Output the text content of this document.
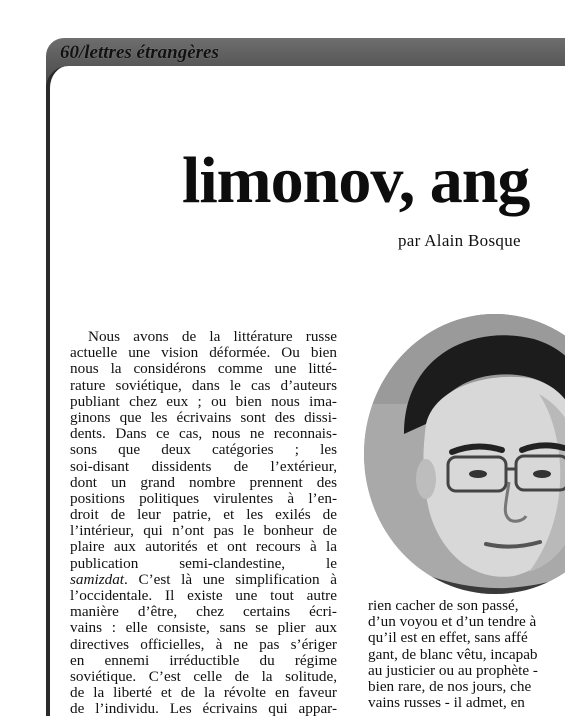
60/lettres étrangères
limonov, ang
par Alain Bosque
Nous avons de la littérature russe
actuelle une vision déformée. Ou bien
nous la considérons comme une litté-
rature soviétique, dans le cas d’auteurs
publiant chez eux ; ou bien nous ima-
ginons que les écrivains sont des dissi-
dents. Dans ce cas, nous ne reconnais-
sons que deux catégories ; les
soi-disant dissidents de l’extérieur,
dont un grand nombre prennent des
positions politiques virulentes à l’en-
droit de leur patrie, et les exilés de
l’intérieur, qui n’ont pas le bonheur de
plaire aux autorités et ont recours à la
publication semi-clandestine, le
samizdat. C’est là une simplification à
l’occidentale. Il existe une tout autre
manière d’être, chez certains écri-
vains : elle consiste, sans se plier aux
directives officielles, à ne pas s’ériger
en ennemi irréductible du régime
soviétique. C’est celle de la solitude,
de la liberté et de la révolte en faveur
de l’individu. Les écrivains qui appar-
rien cacher de son passé,
d’un voyou et d’un tendre à
qu’il est en effet, sans affé
gant, de blanc vêtu, incapab
au justicier ou au prophète -
bien rare, de nos jours, che
vains russes - il admet, en
